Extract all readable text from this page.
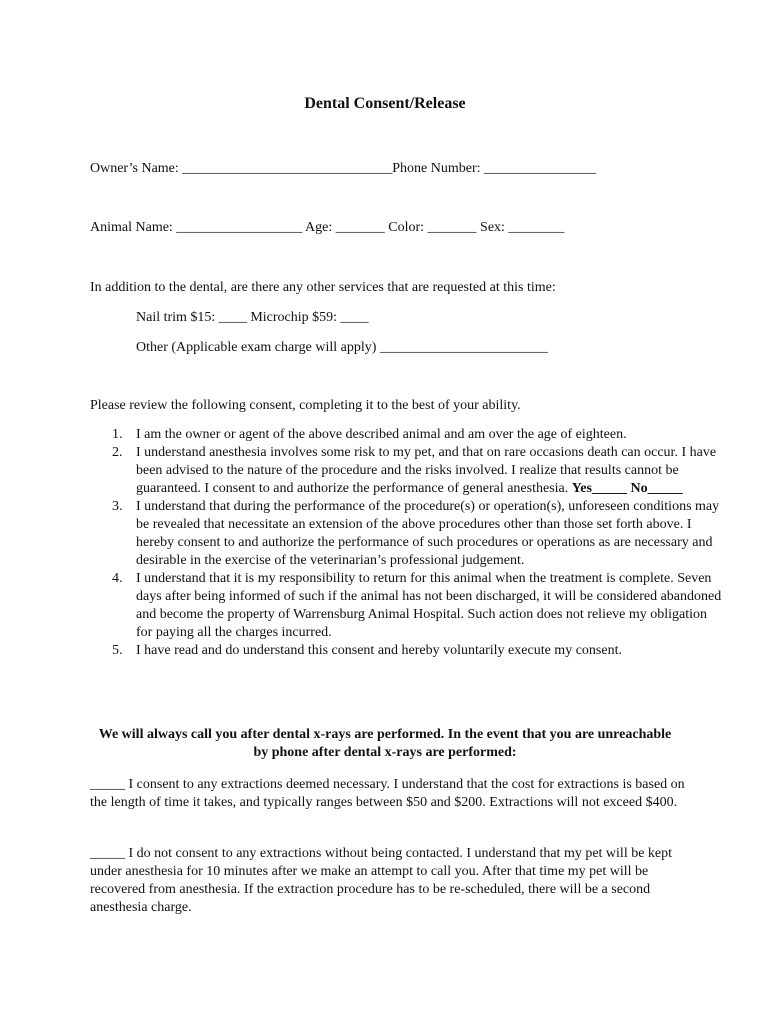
Dental Consent/Release
Owner’s Name: ______________________________Phone Number: ________________
Animal Name: __________________ Age: _______ Color: _______ Sex: ________
In addition to the dental, are there any other services that are requested at this time:
Nail trim $15: ____ Microchip $59: ____
Other (Applicable exam charge will apply) ________________________
Please review the following consent, completing it to the best of your ability.
1. I am the owner or agent of the above described animal and am over the age of eighteen.
2. I understand anesthesia involves some risk to my pet, and that on rare occasions death can occur. I have been advised to the nature of the procedure and the risks involved. I realize that results cannot be guaranteed. I consent to and authorize the performance of general anesthesia. Yes_____ No_____
3. I understand that during the performance of the procedure(s) or operation(s), unforeseen conditions may be revealed that necessitate an extension of the above procedures other than those set forth above. I hereby consent to and authorize the performance of such procedures or operations as are necessary and desirable in the exercise of the veterinarian’s professional judgement.
4. I understand that it is my responsibility to return for this animal when the treatment is complete. Seven days after being informed of such if the animal has not been discharged, it will be considered abandoned and become the property of Warrensburg Animal Hospital. Such action does not relieve my obligation for paying all the charges incurred.
5. I have read and do understand this consent and hereby voluntarily execute my consent.
We will always call you after dental x-rays are performed. In the event that you are unreachable by phone after dental x-rays are performed:
_____ I consent to any extractions deemed necessary. I understand that the cost for extractions is based on the length of time it takes, and typically ranges between $50 and $200. Extractions will not exceed $400.
_____ I do not consent to any extractions without being contacted. I understand that my pet will be kept under anesthesia for 10 minutes after we make an attempt to call you. After that time my pet will be recovered from anesthesia. If the extraction procedure has to be re-scheduled, there will be a second anesthesia charge.
